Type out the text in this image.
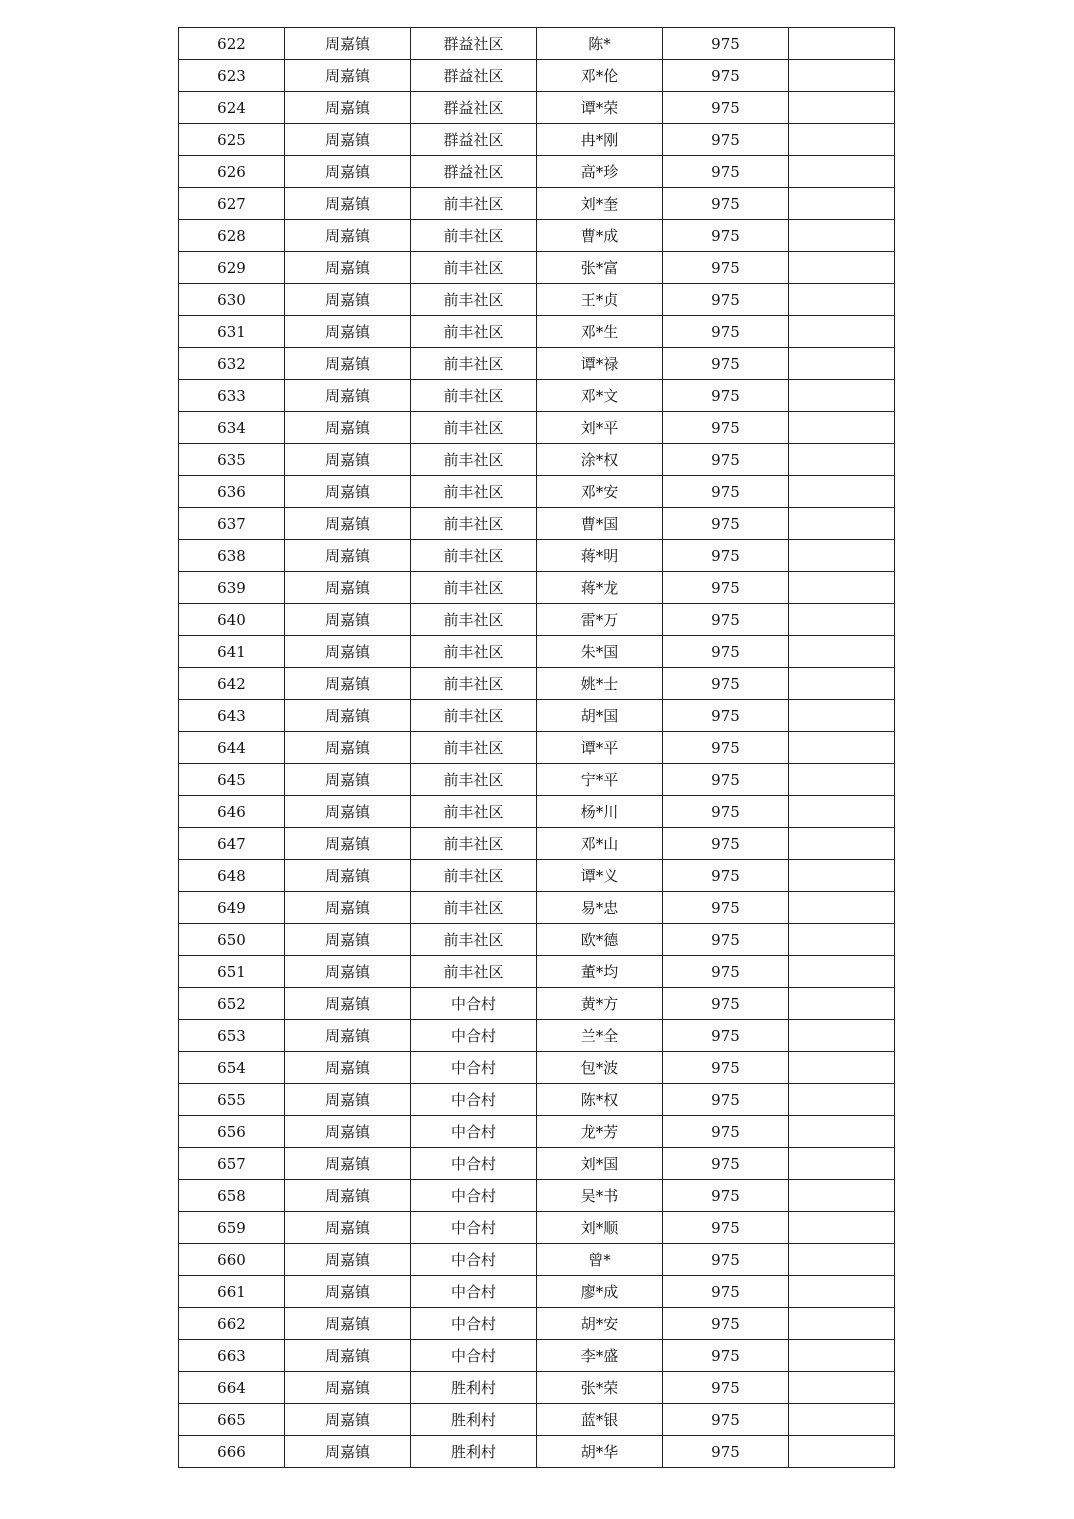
622	周嘉镇	群益社区	陈*	975	
623	周嘉镇	群益社区	邓*伦	975	
624	周嘉镇	群益社区	谭*荣	975	
625	周嘉镇	群益社区	冉*刚	975	
626	周嘉镇	群益社区	高*珍	975	
627	周嘉镇	前丰社区	刘*奎	975	
628	周嘉镇	前丰社区	曹*成	975	
629	周嘉镇	前丰社区	张*富	975	
630	周嘉镇	前丰社区	王*贞	975	
631	周嘉镇	前丰社区	邓*生	975	
632	周嘉镇	前丰社区	谭*禄	975	
633	周嘉镇	前丰社区	邓*文	975	
634	周嘉镇	前丰社区	刘*平	975	
635	周嘉镇	前丰社区	涂*权	975	
636	周嘉镇	前丰社区	邓*安	975	
637	周嘉镇	前丰社区	曹*国	975	
638	周嘉镇	前丰社区	蒋*明	975	
639	周嘉镇	前丰社区	蒋*龙	975	
640	周嘉镇	前丰社区	雷*万	975	
641	周嘉镇	前丰社区	朱*国	975	
642	周嘉镇	前丰社区	姚*士	975	
643	周嘉镇	前丰社区	胡*国	975	
644	周嘉镇	前丰社区	谭*平	975	
645	周嘉镇	前丰社区	宁*平	975	
646	周嘉镇	前丰社区	杨*川	975	
647	周嘉镇	前丰社区	邓*山	975	
648	周嘉镇	前丰社区	谭*义	975	
649	周嘉镇	前丰社区	易*忠	975	
650	周嘉镇	前丰社区	欧*德	975	
651	周嘉镇	前丰社区	董*均	975	
652	周嘉镇	中合村	黄*方	975	
653	周嘉镇	中合村	兰*全	975	
654	周嘉镇	中合村	包*波	975	
655	周嘉镇	中合村	陈*权	975	
656	周嘉镇	中合村	龙*芳	975	
657	周嘉镇	中合村	刘*国	975	
658	周嘉镇	中合村	吴*书	975	
659	周嘉镇	中合村	刘*顺	975	
660	周嘉镇	中合村	曾*	975	
661	周嘉镇	中合村	廖*成	975	
662	周嘉镇	中合村	胡*安	975	
663	周嘉镇	中合村	李*盛	975	
664	周嘉镇	胜利村	张*荣	975	
665	周嘉镇	胜利村	蓝*银	975	
666	周嘉镇	胜利村	胡*华	975	
